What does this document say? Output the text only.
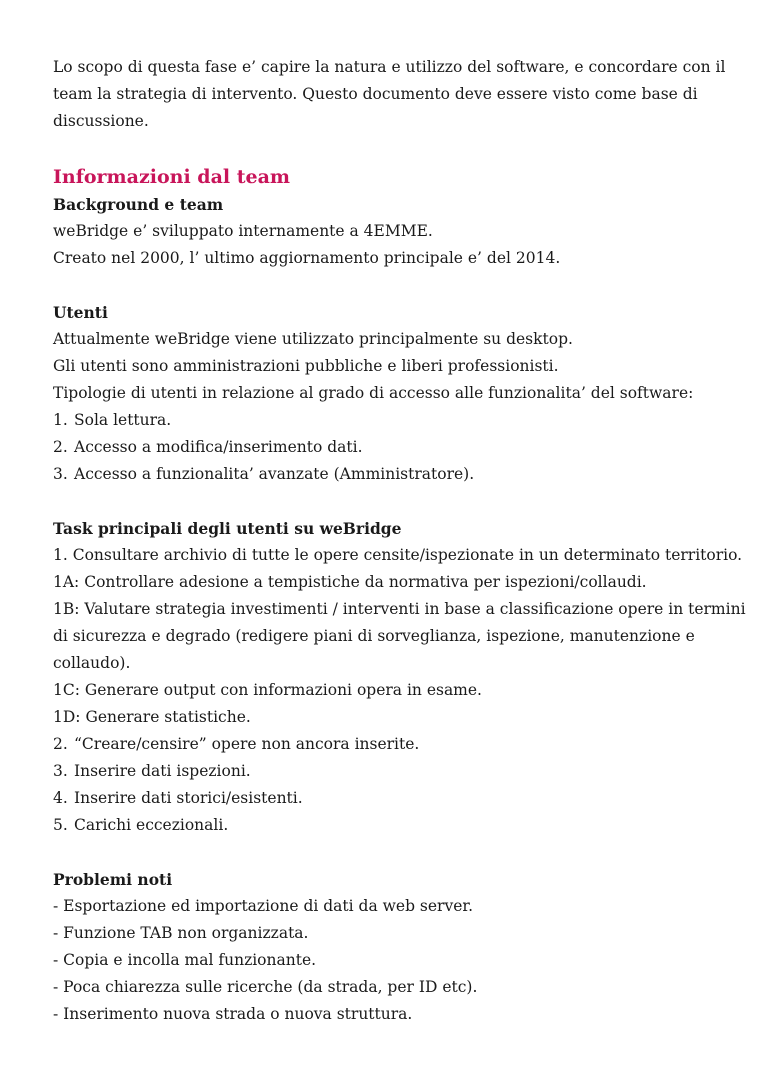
Lo scopo di questa fase e’ capire la natura e utilizzo del software, e concordare con il
team la strategia di intervento. Questo documento deve essere visto come base di
discussione.
Informazioni dal team
Background e team
weBridge e’ sviluppato internamente a 4EMME.
Creato nel 2000, l’ ultimo aggiornamento principale e’ del 2014.
Utenti
Attualmente weBridge viene utilizzato principalmente su desktop.
Gli utenti sono amministrazioni pubbliche e liberi professionisti.
Tipologie di utenti in relazione al grado di accesso alle funzionalita’ del software:
1. Sola lettura.
2. Accesso a modifica/inserimento dati.
3. Accesso a funzionalita’ avanzate (Amministratore).
Task principali degli utenti su weBridge
1. Consultare archivio di tutte le opere censite/ispezionate in un determinato territorio.
1A: Controllare adesione a tempistiche da normativa per ispezioni/collaudi.
1B: Valutare strategia investimenti / interventi in base a classificazione opere in termini
di sicurezza e degrado (redigere piani di sorveglianza, ispezione, manutenzione e
collaudo).
1C: Generare output con informazioni opera in esame.
1D: Generare statistiche.
2. “Creare/censire” opere non ancora inserite.
3. Inserire dati ispezioni.
4. Inserire dati storici/esistenti.
5. Carichi eccezionali.
Problemi noti
- Esportazione ed importazione di dati da web server.
- Funzione TAB non organizzata.
- Copia e incolla mal funzionante.
- Poca chiarezza sulle ricerche (da strada, per ID etc).
- Inserimento nuova strada o nuova struttura.
